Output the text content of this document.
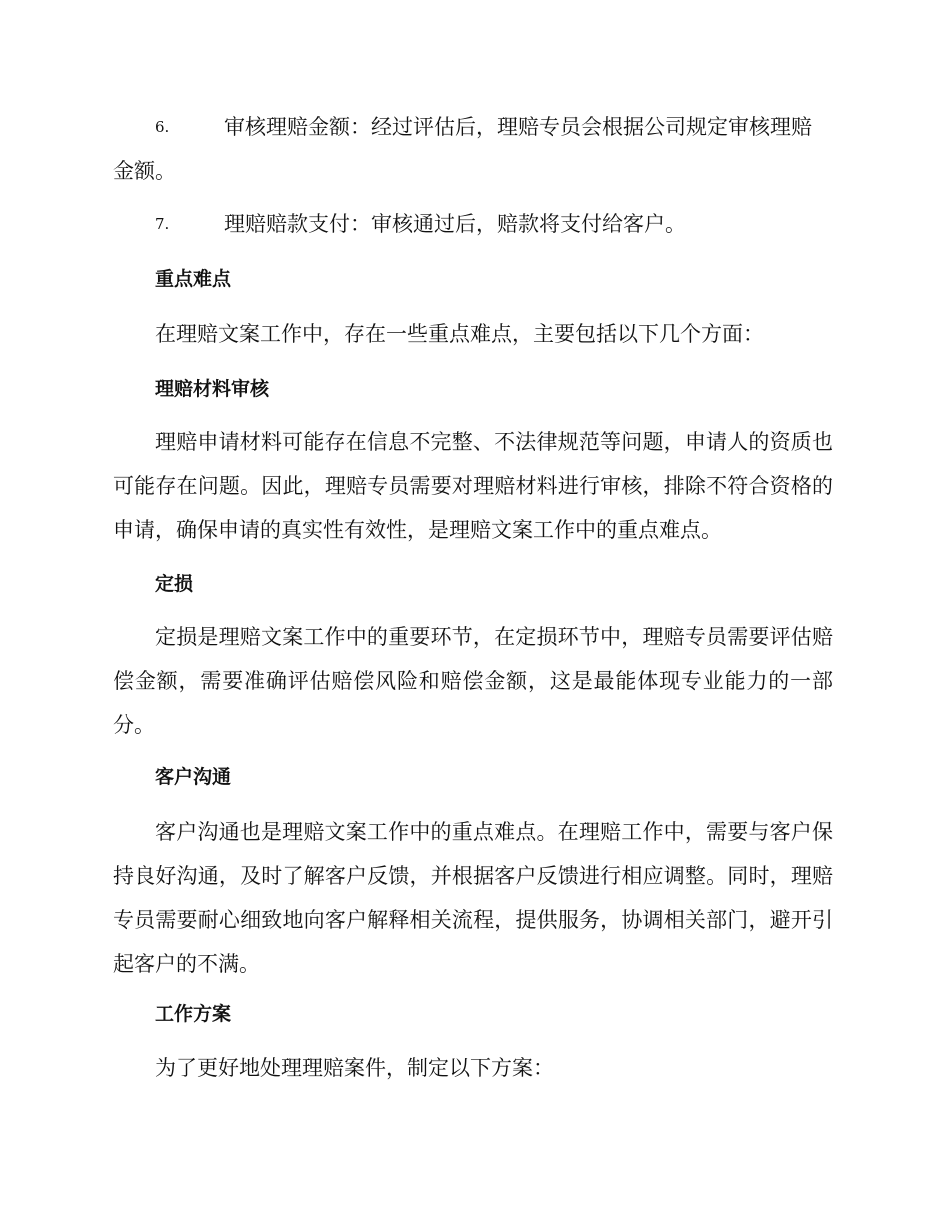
6.	审核理赔金额：经过评估后，理赔专员会根据公司规定审核理赔
金额。
7.	理赔赔款支付：审核通过后，赔款将支付给客户。
重点难点

在理赔文案工作中，存在一些重点难点，主要包括以下几个方面：

理赔材料审核

理赔申请材料可能存在信息不完整、不法律规范等问题，申请人的资质也可能存在问题。因此，理赔专员需要对理赔材料进行审核，排除不符合资格的申请，确保申请的真实性有效性，是理赔文案工作中的重点难点。

定损

定损是理赔文案工作中的重要环节，在定损环节中，理赔专员需要评估赔偿金额，需要准确评估赔偿风险和赔偿金额，这是最能体现专业能力的一部分。

客户沟通

客户沟通也是理赔文案工作中的重点难点。在理赔工作中，需要与客户保持良好沟通，及时了解客户反馈，并根据客户反馈进行相应调整。同时，理赔专员需要耐心细致地向客户解释相关流程，提供服务，协调相关部门，避开引起客户的不满。

工作方案

为了更好地处理理赔案件，制定以下方案：
